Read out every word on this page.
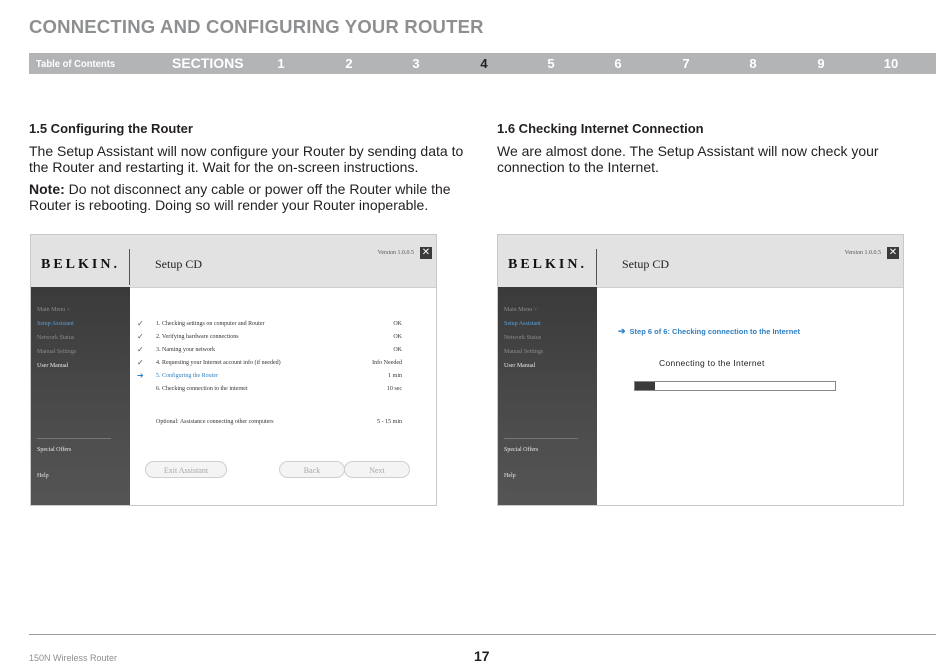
CONNECTING AND CONFIGURING YOUR ROUTER
Table of Contents	SECTIONS	1	2	3	4	5	6	7	8	9	10
1.5 Configuring the Router
The Setup Assistant will now configure your Router by sending data to the Router and restarting it. Wait for the on-screen instructions.
Note: Do not disconnect any cable or power off the Router while the Router is rebooting. Doing so will render your Router inoperable.
1.6 Checking Internet Connection
We are almost done. The Setup Assistant will now check your connection to the Internet.
BELKIN.	Setup CD
Version 1.0.0.5 ✕
Main Menu >
Setup Assistant
Network Status
Manual Settings
User Manual
Special Offers
Help
✓ 1. Checking settings on computer and Router	OK
✓ 2. Verifying hardware connections	OK
✓ 3. Naming your network	OK
✓ 4. Requesting your Internet account info (if needed)	Info Needed
➔ 5. Configuring the Router	1 min
6. Checking connection to the internet	10 sec
Optional: Assistance connecting other computers	5 - 15 min
Exit Assistant	Back	Next
BELKIN.	Setup CD
Version 1.0.0.5 ✕
Main Menu >
Setup Assistant
Network Status
Manual Settings
User Manual
Special Offers
Help
➔ Step 6 of 6: Checking connection to the Internet
Connecting to the Internet
150N Wireless Router	17
